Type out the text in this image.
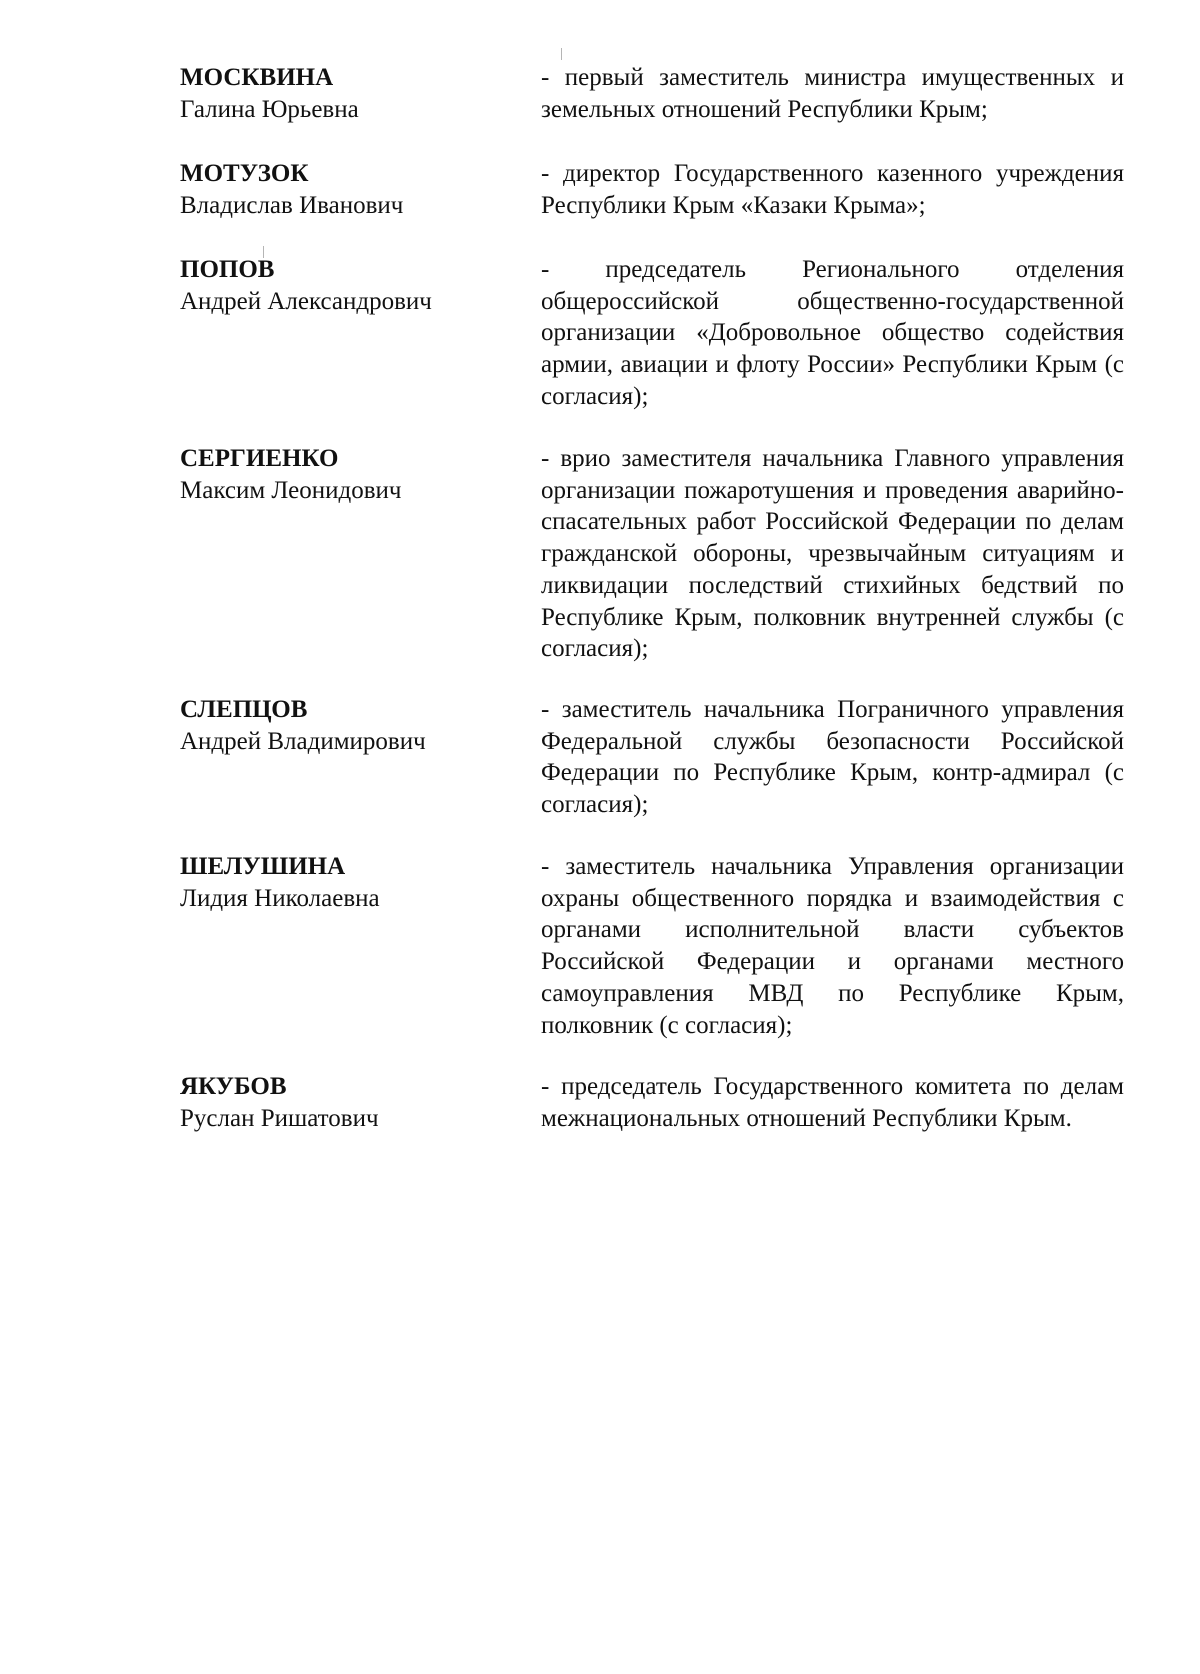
МОСКВИНА
Галина Юрьевна
- первый заместитель министра имущественных и земельных отношений Республики Крым;
МОТУЗОК
Владислав Иванович
- директор Государственного казенного учреждения Республики Крым «Казаки Крыма»;
ПОПОВ
Андрей Александрович
- председатель Регионального отделения общероссийской общественно-государственной организации «Добровольное общество содействия армии, авиации и флоту России» Республики Крым (с согласия);
СЕРГИЕНКО
Максим Леонидович
- врио заместителя начальника Главного управления организации пожаротушения и проведения аварийно-спасательных работ Российской Федерации по делам гражданской обороны, чрезвычайным ситуациям и ликвидации последствий стихийных бедствий по Республике Крым, полковник внутренней службы (с согласия);
СЛЕПЦОВ
Андрей Владимирович
- заместитель начальника Пограничного управления Федеральной службы безопасности Российской Федерации по Республике Крым, контр-адмирал (с согласия);
ШЕЛУШИНА
Лидия Николаевна
- заместитель начальника Управления организации охраны общественного порядка и взаимодействия с органами исполнительной власти субъектов Российской Федерации и органами местного самоуправления МВД по Республике Крым, полковник (с согласия);
ЯКУБОВ
Руслан Ришатович
- председатель Государственного комитета по делам межнациональных отношений Республики Крым.
